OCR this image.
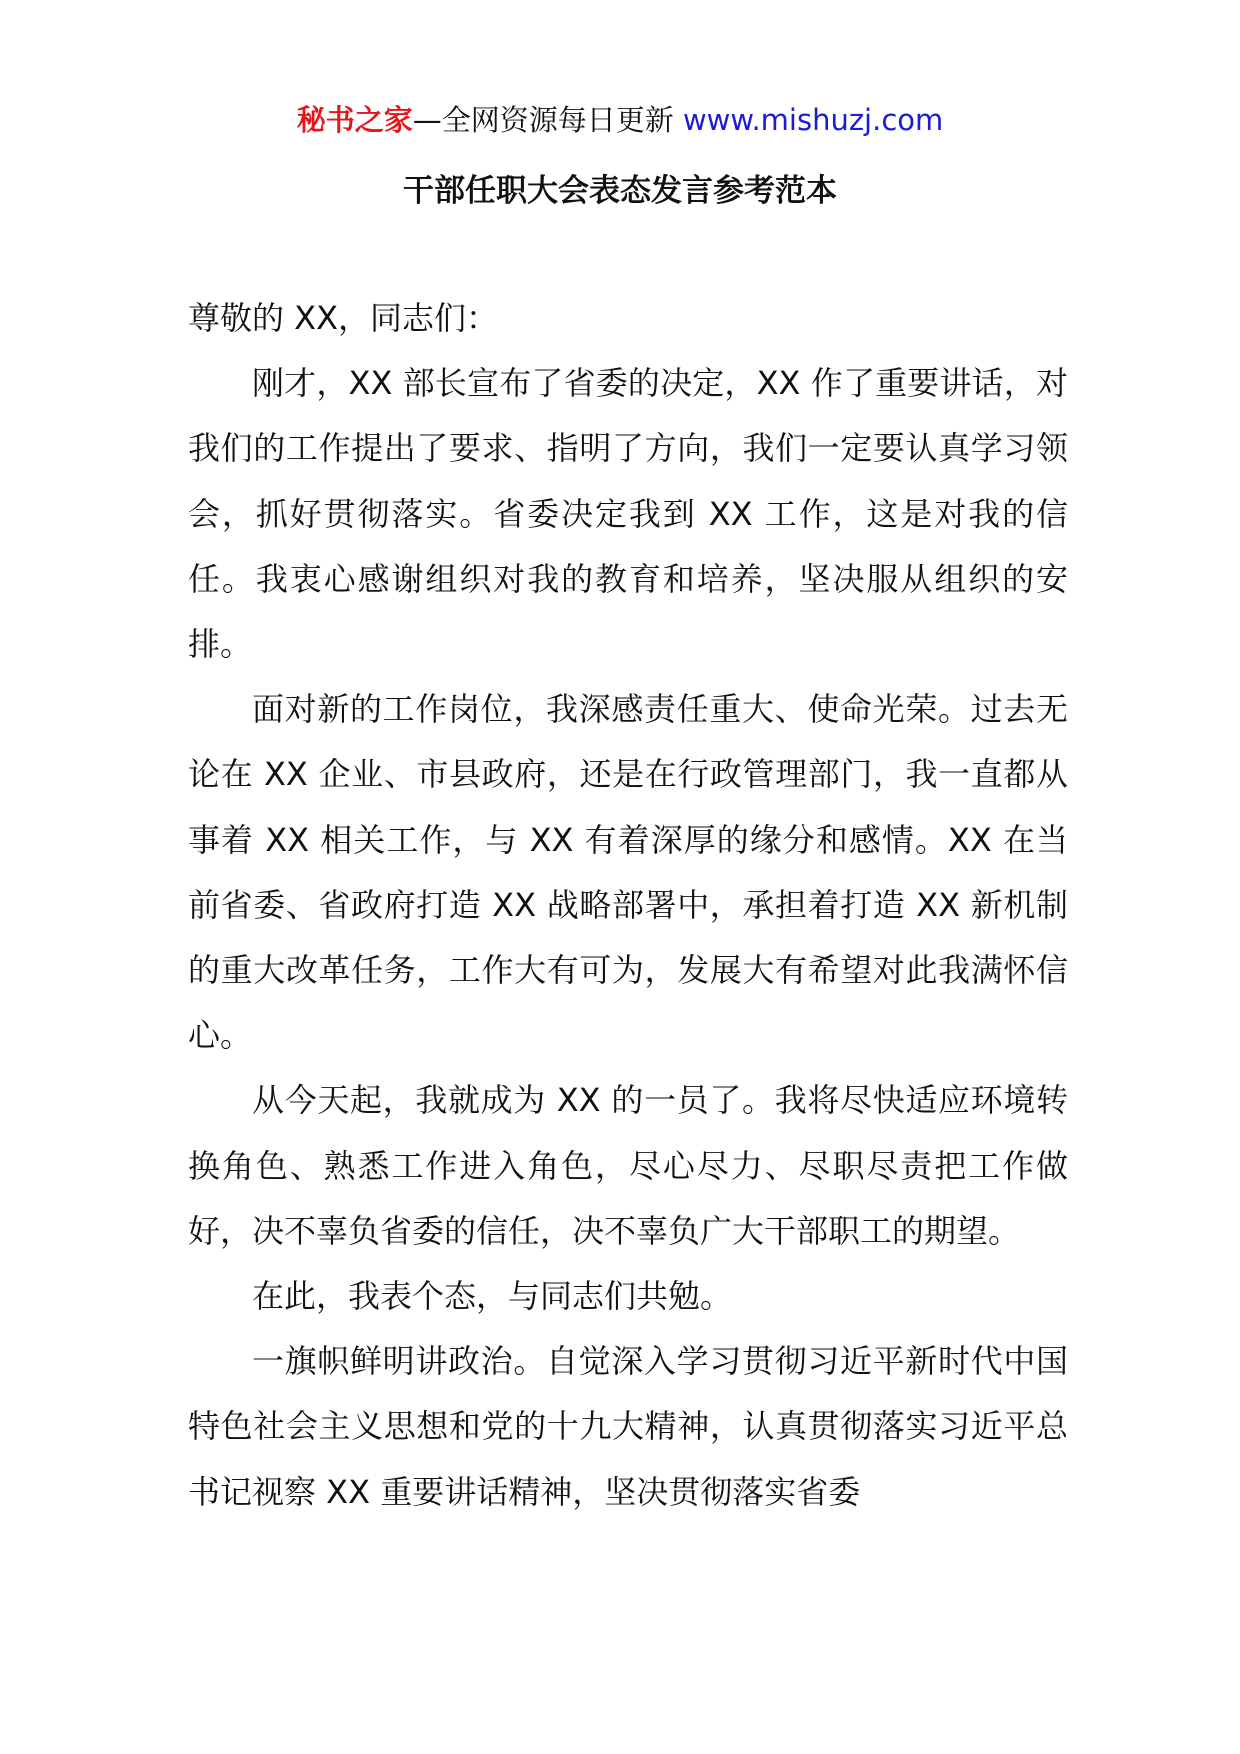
秘书之家—全网资源每日更新 www.mishuzj.com
干部任职大会表态发言参考范本

尊敬的 XX，同志们：

刚才，XX 部长宣布了省委的决定，XX 作了重要讲话，对我们的工作提出了要求、指明了方向，我们一定要认真学习领会，抓好贯彻落实。省委决定我到 XX 工作，这是对我的信任。我衷心感谢组织对我的教育和培养，坚决服从组织的安排。

面对新的工作岗位，我深感责任重大、使命光荣。过去无论在 XX 企业、市县政府，还是在行政管理部门，我一直都从事着 XX 相关工作，与 XX 有着深厚的缘分和感情。XX 在当前省委、省政府打造 XX 战略部署中，承担着打造 XX 新机制的重大改革任务，工作大有可为，发展大有希望对此我满怀信心。

从今天起，我就成为 XX 的一员了。我将尽快适应环境转换角色、熟悉工作进入角色，尽心尽力、尽职尽责把工作做好，决不辜负省委的信任，决不辜负广大干部职工的期望。

在此，我表个态，与同志们共勉。

一旗帜鲜明讲政治。自觉深入学习贯彻习近平新时代中国特色社会主义思想和党的十九大精神，认真贯彻落实习近平总书记视察 XX 重要讲话精神，坚决贯彻落实省委
